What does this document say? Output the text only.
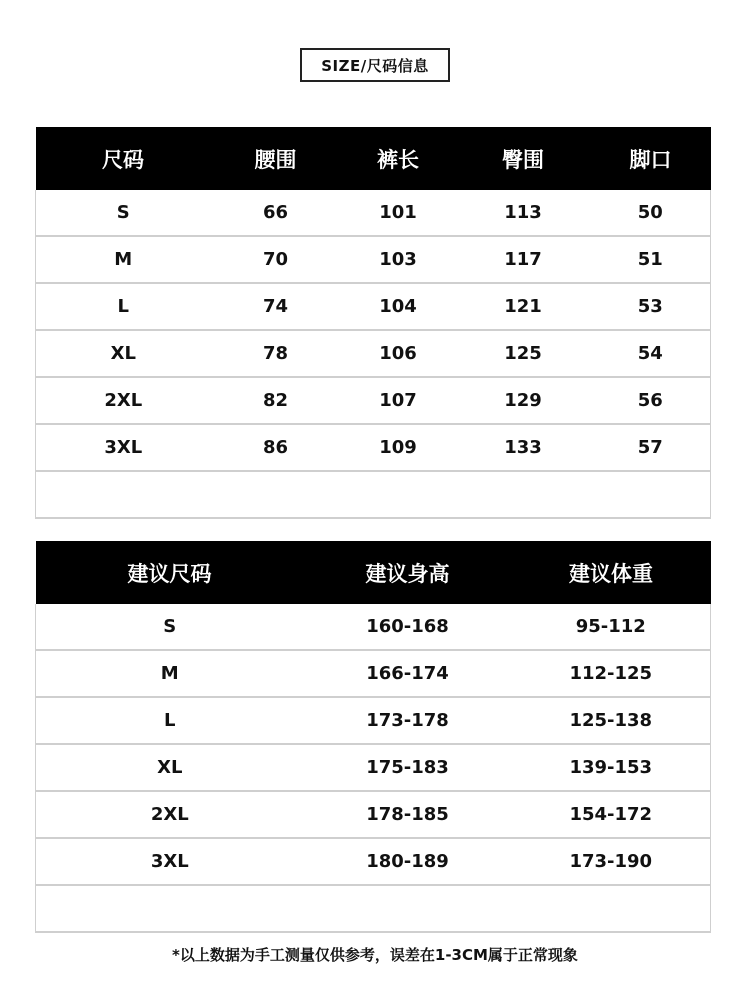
SIZE/尺码信息
尺码	腰围	裤长	臀围	脚口
S	66	101	113	50
M	70	103	117	51
L	74	104	121	53
XL	78	106	125	54
2XL	82	107	129	56
3XL	86	109	133	57

建议尺码	建议身高	建议体重
S	160-168	95-112
M	166-174	112-125
L	173-178	125-138
XL	175-183	139-153
2XL	178-185	154-172
3XL	180-189	173-190

*以上数据为手工测量仅供参考，误差在1-3CM属于正常现象
